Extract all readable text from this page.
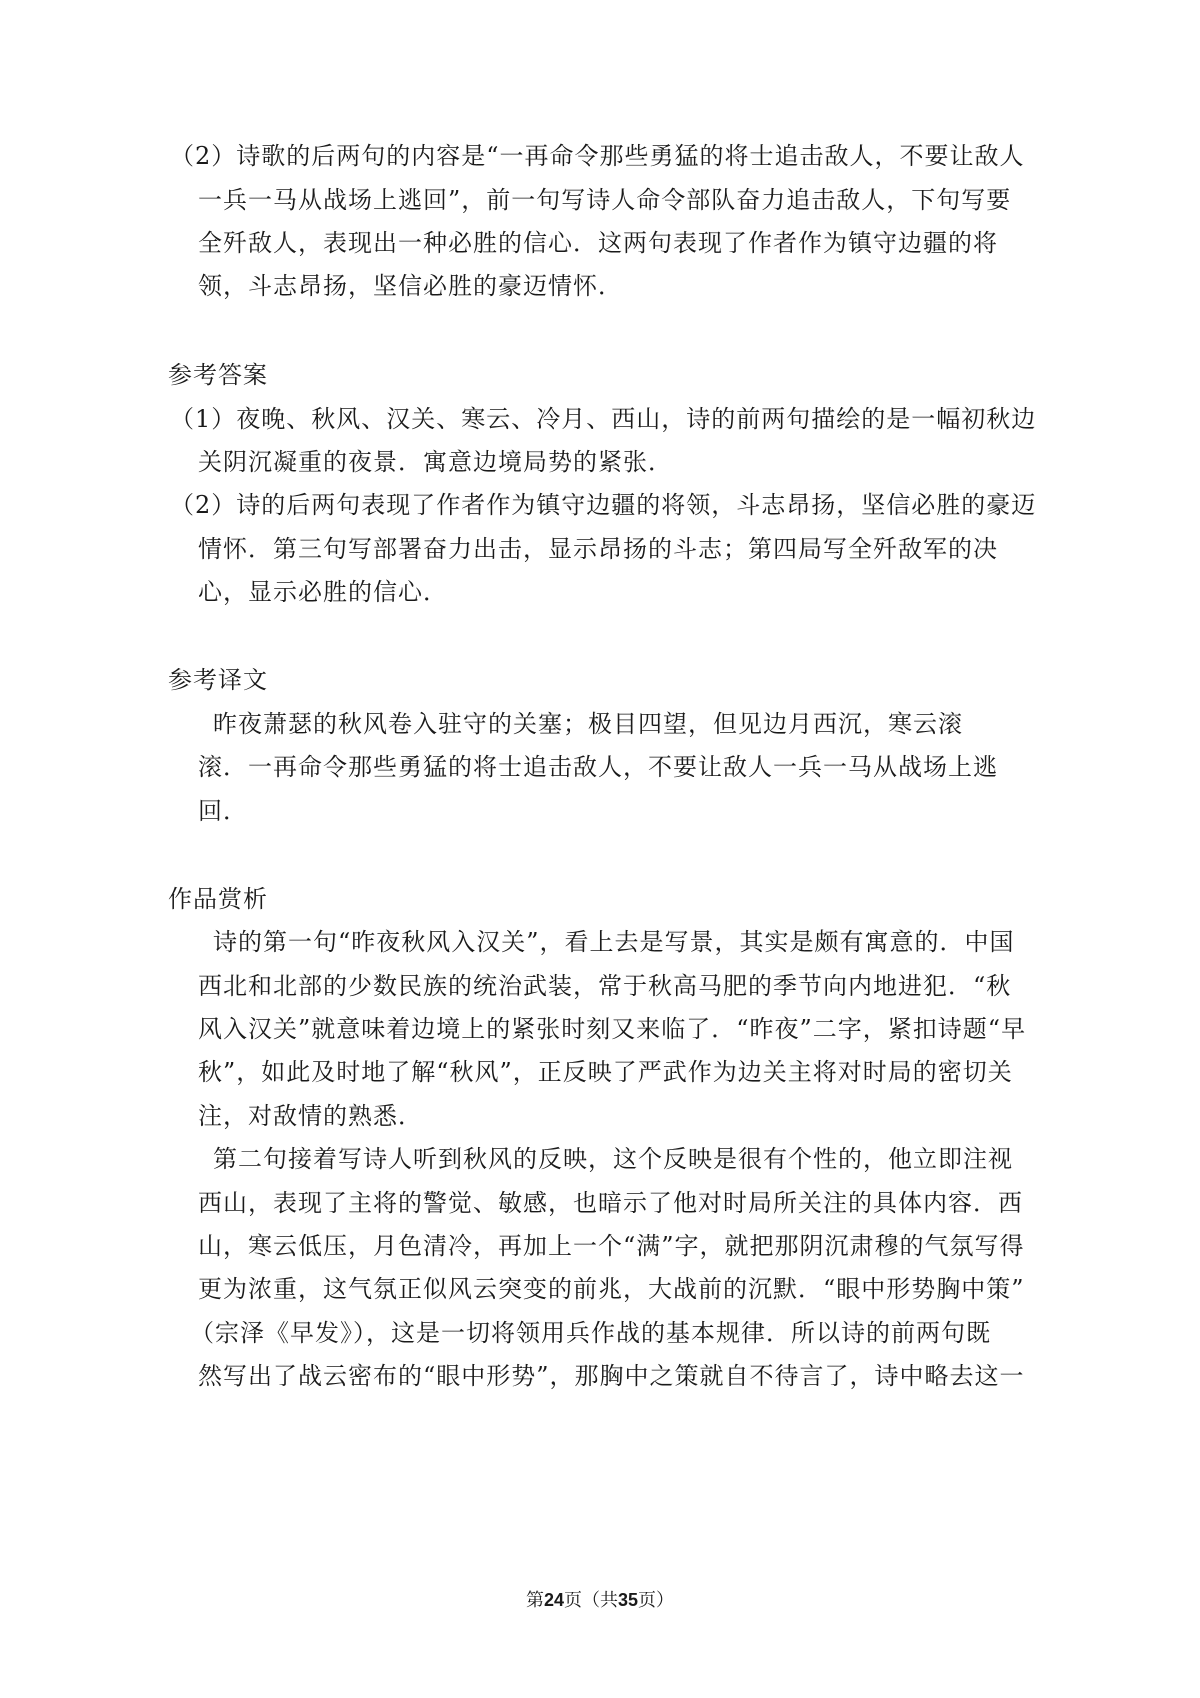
（2）诗歌的后两句的内容是“一再命令那些勇猛的将士追击敌人，不要让敌人
一兵一马从战场上逃回”，前一句写诗人命令部队奋力追击敌人，下句写要
全歼敌人，表现出一种必胜的信心．这两句表现了作者作为镇守边疆的将
领，斗志昂扬，坚信必胜的豪迈情怀．
参考答案
（1）夜晚、秋风、汉关、寒云、冷月、西山，诗的前两句描绘的是一幅初秋边
关阴沉凝重的夜景．寓意边境局势的紧张．
（2）诗的后两句表现了作者作为镇守边疆的将领，斗志昂扬，坚信必胜的豪迈
情怀．第三句写部署奋力出击，显示昂扬的斗志；第四局写全歼敌军的决
心，显示必胜的信心．
参考译文
昨夜萧瑟的秋风卷入驻守的关塞；极目四望，但见边月西沉，寒云滚
滚．一再命令那些勇猛的将士追击敌人，不要让敌人一兵一马从战场上逃
回．
作品赏析
诗的第一句“昨夜秋风入汉关”，看上去是写景，其实是颇有寓意的．中国
西北和北部的少数民族的统治武装，常于秋高马肥的季节向内地进犯．“秋
风入汉关”就意味着边境上的紧张时刻又来临了．“昨夜”二字，紧扣诗题“早
秋”，如此及时地了解“秋风”，正反映了严武作为边关主将对时局的密切关
注，对敌情的熟悉．
第二句接着写诗人听到秋风的反映，这个反映是很有个性的，他立即注视
西山，表现了主将的警觉、敏感，也暗示了他对时局所关注的具体内容．西
山，寒云低压，月色清冷，再加上一个“满”字，就把那阴沉肃穆的气氛写得
更为浓重，这气氛正似风云突变的前兆，大战前的沉默．“眼中形势胸中策”
（宗泽《早发》），这是一切将领用兵作战的基本规律．所以诗的前两句既
然写出了战云密布的“眼中形势”，那胸中之策就自不待言了，诗中略去这一
第24页（共35页）
